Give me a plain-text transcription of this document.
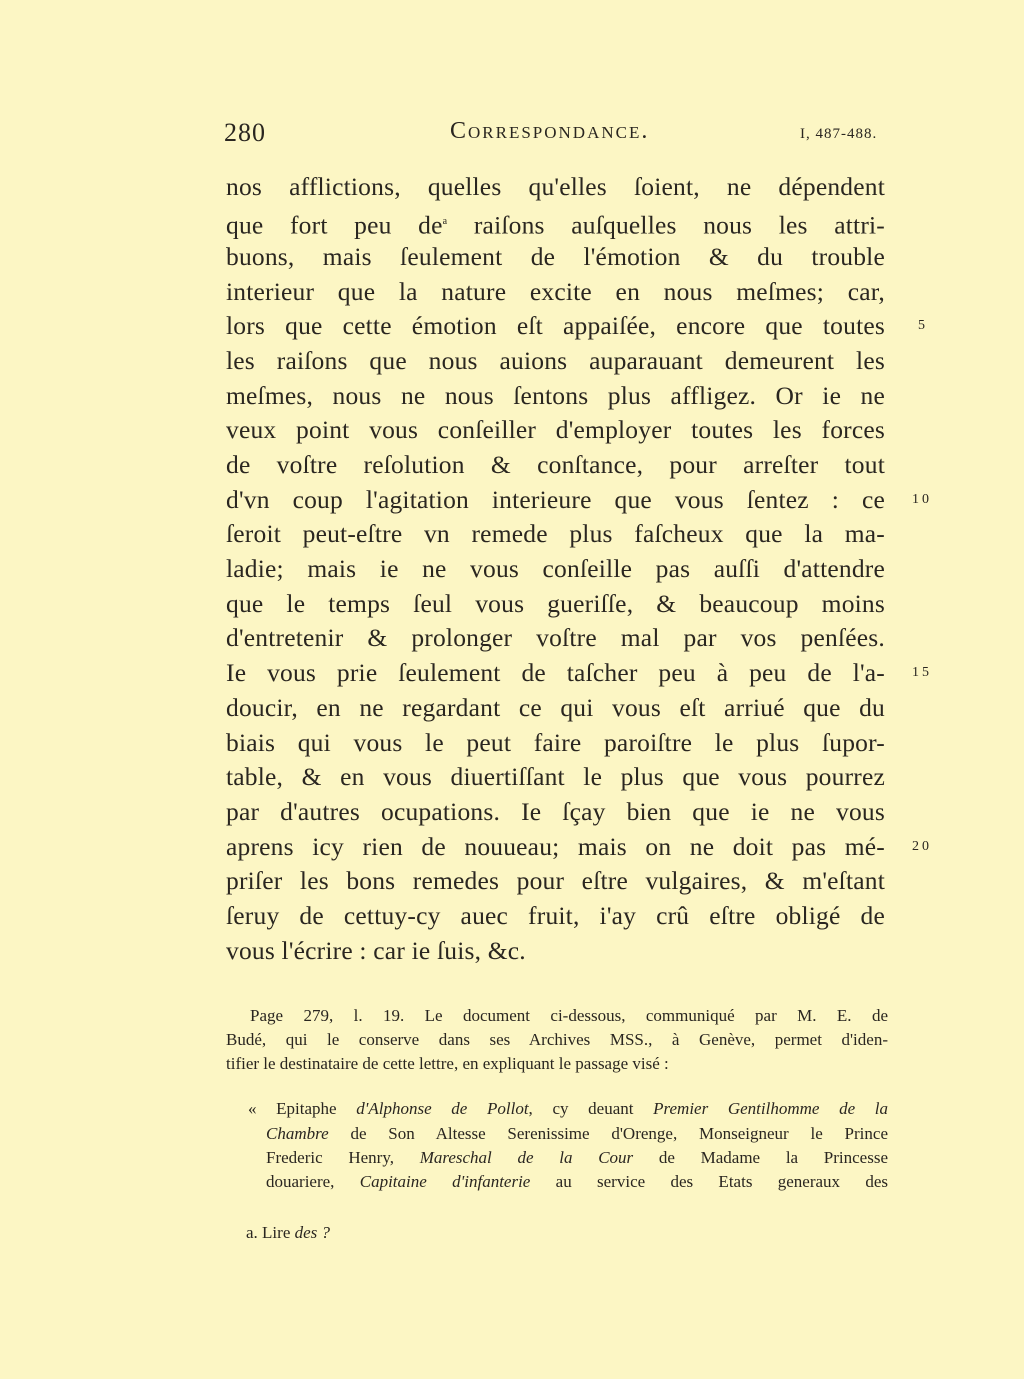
280	Correspondance.	I, 487-488.
nos afflictions, quelles qu'elles ſoient, ne dépendent
que fort peu $de^a$ raiſons auſquelles nous les attri-
buons, mais ſeulement de l'émotion & du trouble
interieur que la nature excite en nous meſmes; car,
lors que cette émotion eſt appaiſée, encore que toutes
les raiſons que nous auions auparauant demeurent les
meſmes, nous ne nous ſentons plus affligez. Or ie ne
veux point vous conſeiller d'employer toutes les forces
de voſtre reſolution & conſtance, pour arreſter tout
d'vn coup l'agitation interieure que vous ſentez : ce
ſeroit peut-eſtre vn remede plus faſcheux que la ma-
ladie; mais ie ne vous conſeille pas auſſi d'attendre
que le temps ſeul vous gueriſſe, & beaucoup moins
d'entretenir & prolonger voſtre mal par vos penſées.
Ie vous prie ſeulement de taſcher peu à peu de l'a-
doucir, en ne regardant ce qui vous eſt arriué que du
biais qui vous le peut faire paroiſtre le plus ſupor-
table, & en vous diuertiſſant le plus que vous pourrez
par d'autres ocupations. Ie ſçay bien que ie ne vous
aprens icy rien de nouueau; mais on ne doit pas mé-
priſer les bons remedes pour eſtre vulgaires, & m'eſtant
ſeruy de cettuy-cy auec fruit, i'ay crû eſtre obligé de
vous l'écrire : car ie ſuis, &c.
5
10
15
20
Page 279, l. 19. Le document ci-dessous, communiqué par M. E. de
Budé, qui le conserve dans ses Archives MSS., à Genève, permet d'iden-
tifier le destinataire de cette lettre, en expliquant le passage visé :
« Epitaphe d'Alphonse de Pollot, cy deuant Premier Gentilhomme de la
Chambre de Son Altesse Serenissime d'Orenge, Monseigneur le Prince
Frederic Henry, Mareschal de la Cour de Madame la Princesse
douariere, Capitaine d'infanterie au service des Etats generaux des
a. Lire des ?
